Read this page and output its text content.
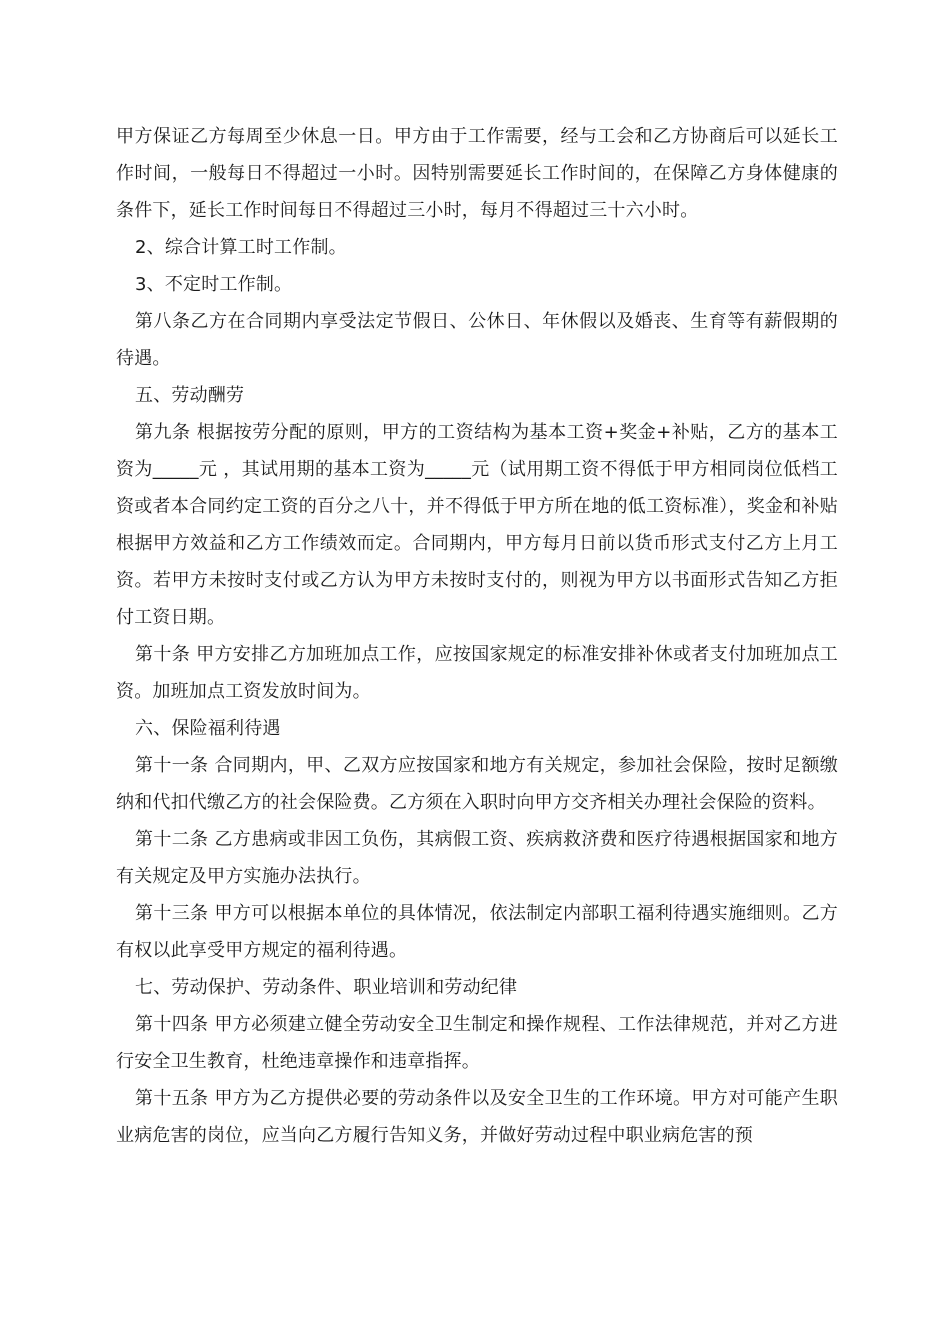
甲方保证乙方每周至少休息一日。甲方由于工作需要，经与工会和乙方协商后可以延长工作时间，一般每日不得超过一小时。因特别需要延长工作时间的，在保障乙方身体健康的条件下，延长工作时间每日不得超过三小时，每月不得超过三十六小时。

2、综合计算工时工作制。

3、不定时工作制。

第八条乙方在合同期内享受法定节假日、公休日、年休假以及婚丧、生育等有薪假期的待遇。

五、劳动酬劳

第九条 根据按劳分配的原则，甲方的工资结构为基本工资+奖金+补贴，乙方的基本工资为_____元 ，其试用期的基本工资为_____元（试用期工资不得低于甲方相同岗位低档工资或者本合同约定工资的百分之八十，并不得低于甲方所在地的低工资标准），奖金和补贴根据甲方效益和乙方工作绩效而定。合同期内，甲方每月日前以货币形式支付乙方上月工资。若甲方未按时支付或乙方认为甲方未按时支付的，则视为甲方以书面形式告知乙方拒付工资日期。

第十条 甲方安排乙方加班加点工作，应按国家规定的标准安排补休或者支付加班加点工资。加班加点工资发放时间为。

六、保险福利待遇

第十一条 合同期内，甲、乙双方应按国家和地方有关规定，参加社会保险，按时足额缴纳和代扣代缴乙方的社会保险费。乙方须在入职时向甲方交齐相关办理社会保险的资料。

第十二条 乙方患病或非因工负伤，其病假工资、疾病救济费和医疗待遇根据国家和地方有关规定及甲方实施办法执行。

第十三条 甲方可以根据本单位的具体情况，依法制定内部职工福利待遇实施细则。乙方有权以此享受甲方规定的福利待遇。

七、劳动保护、劳动条件、职业培训和劳动纪律

第十四条 甲方必须建立健全劳动安全卫生制定和操作规程、工作法律规范，并对乙方进行安全卫生教育，杜绝违章操作和违章指挥。

第十五条 甲方为乙方提供必要的劳动条件以及安全卫生的工作环境。甲方对可能产生职业病危害的岗位，应当向乙方履行告知义务，并做好劳动过程中职业病危害的预
